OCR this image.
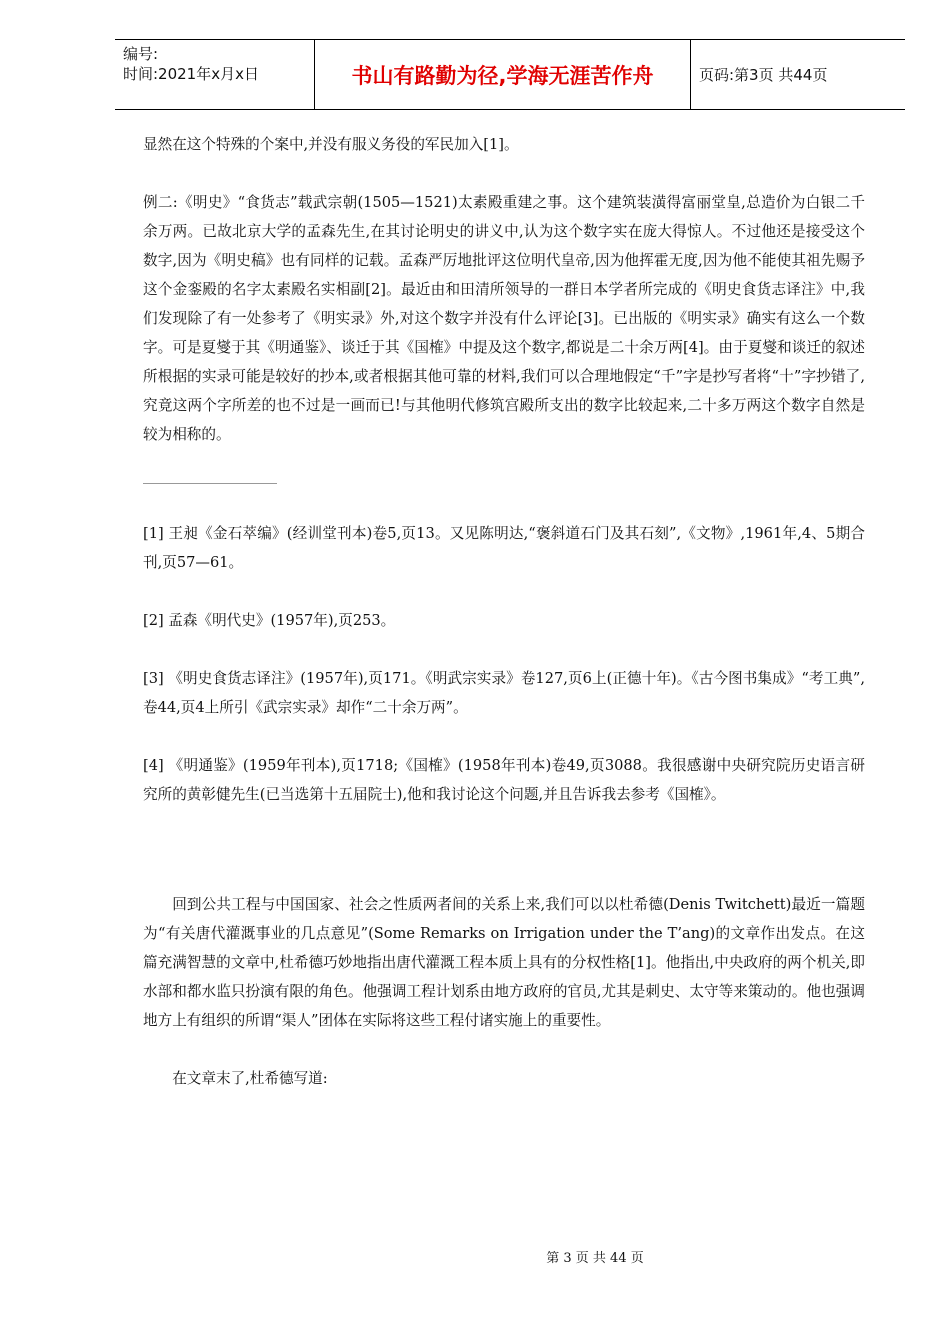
编号:
时间:2021年x月x日	书山有路勤为径,学海无涯苦作舟	页码:第3页 共44页

显然在这个特殊的个案中,并没有服义务役的军民加入[1]。

例二:《明史》“食货志”载武宗朝(1505—1521)太素殿重建之事。这个建筑装潢得富丽堂皇,总造价为白银二千余万两。已故北京大学的孟森先生,在其讨论明史的讲义中,认为这个数字实在庞大得惊人。不过他还是接受这个数字,因为《明史稿》也有同样的记载。孟森严厉地批评这位明代皇帝,因为他挥霍无度,因为他不能使其祖先赐予这个金銮殿的名字太素殿名实相副[2]。最近由和田清所领导的一群日本学者所完成的《明史食货志译注》中,我们发现除了有一处参考了《明实录》外,对这个数字并没有什么评论[3]。已出版的《明实录》确实有这么一个数字。可是夏燮于其《明通鉴》、谈迁于其《国榷》中提及这个数字,都说是二十余万两[4]。由于夏燮和谈迁的叙述所根据的实录可能是较好的抄本,或者根据其他可靠的材料,我们可以合理地假定“千”字是抄写者将“十”字抄错了,究竟这两个字所差的也不过是一画而已!与其他明代修筑宫殿所支出的数字比较起来,二十多万两这个数字自然是较为相称的。

[1] 王昶《金石萃编》(经训堂刊本)卷5,页13。又见陈明达,“褒斜道石门及其石刻”,《文物》,1961年,4、5期合刊,页57—61。

[2] 孟森《明代史》(1957年),页253。

[3] 《明史食货志译注》(1957年),页171。《明武宗实录》卷127,页6上(正德十年)。《古今图书集成》“考工典”,卷44,页4上所引《武宗实录》却作“二十余万两”。

[4] 《明通鉴》(1959年刊本),页1718;《国榷》(1958年刊本)卷49,页3088。我很感谢中央研究院历史语言研究所的黄彰健先生(已当选第十五届院士),他和我讨论这个问题,并且告诉我去参考《国榷》。

回到公共工程与中国国家、社会之性质两者间的关系上来,我们可以以杜希德(Denis Twitchett)最近一篇题为“有关唐代灌溉事业的几点意见”(Some Remarks on Irrigation under the T’ang)的文章作出发点。在这篇充满智慧的文章中,杜希德巧妙地指出唐代灌溉工程本质上具有的分权性格[1]。他指出,中央政府的两个机关,即水部和都水监只扮演有限的角色。他强调工程计划系由地方政府的官员,尤其是刺史、太守等来策动的。他也强调地方上有组织的所谓“渠人”团体在实际将这些工程付诸实施上的重要性。

在文章末了,杜希德写道:

第 3 页 共 44 页
